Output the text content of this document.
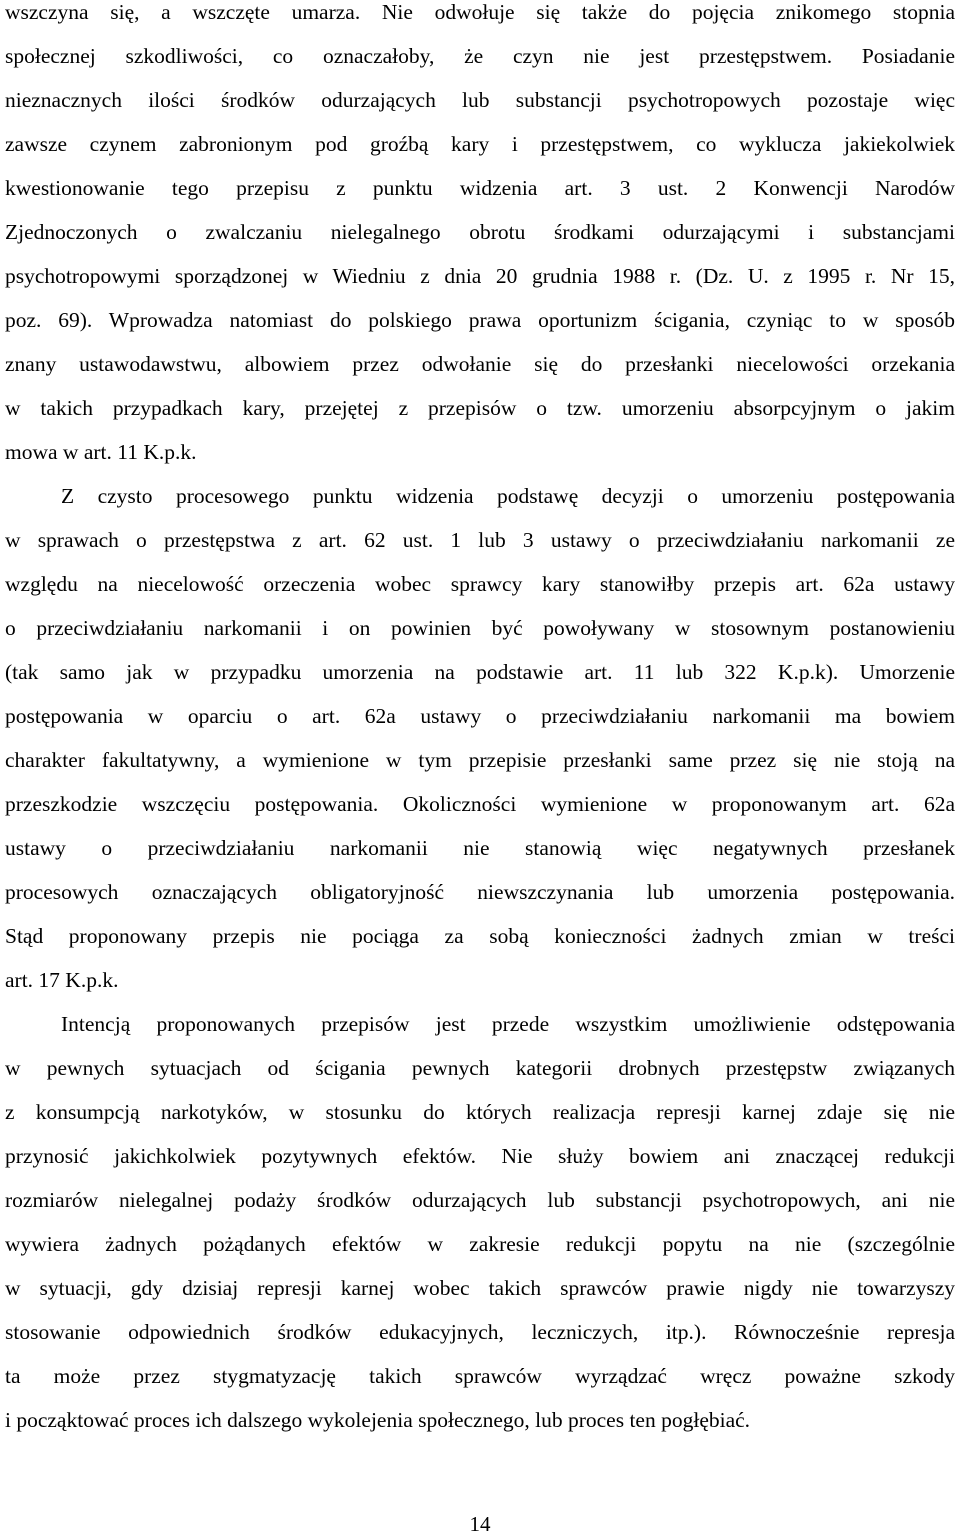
wszczyna się, a wszczęte umarza. Nie odwołuje się także do pojęcia znikomego stopnia
społecznej szkodliwości, co oznaczałoby, że czyn nie jest przestępstwem. Posiadanie
nieznacznych ilości środków odurzających lub substancji psychotropowych pozostaje więc
zawsze czynem zabronionym pod groźbą kary i przestępstwem, co wyklucza jakiekolwiek
kwestionowanie tego przepisu z punktu widzenia art. 3 ust. 2 Konwencji Narodów
Zjednoczonych o zwalczaniu nielegalnego obrotu środkami odurzającymi i substancjami
psychotropowymi sporządzonej w Wiedniu z dnia 20 grudnia 1988 r. (Dz. U. z 1995 r. Nr 15,
poz. 69). Wprowadza natomiast do polskiego prawa oportunizm ścigania, czyniąc to w sposób
znany ustawodawstwu, albowiem przez odwołanie się do przesłanki niecelowości orzekania
w takich przypadkach kary, przejętej z przepisów o tzw. umorzeniu absorpcyjnym o jakim
mowa w art. 11 K.p.k.
Z czysto procesowego punktu widzenia podstawę decyzji o umorzeniu postępowania
w sprawach o przestępstwa z art. 62 ust. 1 lub 3 ustawy o przeciwdziałaniu narkomanii ze
względu na niecelowość orzeczenia wobec sprawcy kary stanowiłby przepis art. 62a ustawy
o przeciwdziałaniu narkomanii i on powinien być powoływany w stosownym postanowieniu
(tak samo jak w przypadku umorzenia na podstawie art. 11 lub 322 K.p.k). Umorzenie
postępowania w oparciu o art. 62a ustawy o przeciwdziałaniu narkomanii ma bowiem
charakter fakultatywny, a wymienione w tym przepisie przesłanki same przez się nie stoją na
przeszkodzie wszczęciu postępowania. Okoliczności wymienione w proponowanym art. 62a
ustawy o przeciwdziałaniu narkomanii nie stanowią więc negatywnych przesłanek
procesowych oznaczających obligatoryjność niewszczynania lub umorzenia postępowania.
Stąd proponowany przepis nie pociąga za sobą konieczności żadnych zmian w treści
art. 17 K.p.k.
Intencją proponowanych przepisów jest przede wszystkim umożliwienie odstępowania
w pewnych sytuacjach od ścigania pewnych kategorii drobnych przestępstw związanych
z konsumpcją narkotyków, w stosunku do których realizacja represji karnej zdaje się nie
przynosić jakichkolwiek pozytywnych efektów. Nie służy bowiem ani znaczącej redukcji
rozmiarów nielegalnej podaży środków odurzających lub substancji psychotropowych, ani nie
wywiera żadnych pożądanych efektów w zakresie redukcji popytu na nie (szczególnie
w sytuacji, gdy dzisiaj represji karnej wobec takich sprawców prawie nigdy nie towarzyszy
stosowanie odpowiednich środków edukacyjnych, leczniczych, itp.). Równocześnie represja
ta może przez stygmatyzację takich sprawców wyrządzać wręcz poważne szkody
i począktować proces ich dalszego wykolejenia społecznego, lub proces ten pogłębiać.
14
